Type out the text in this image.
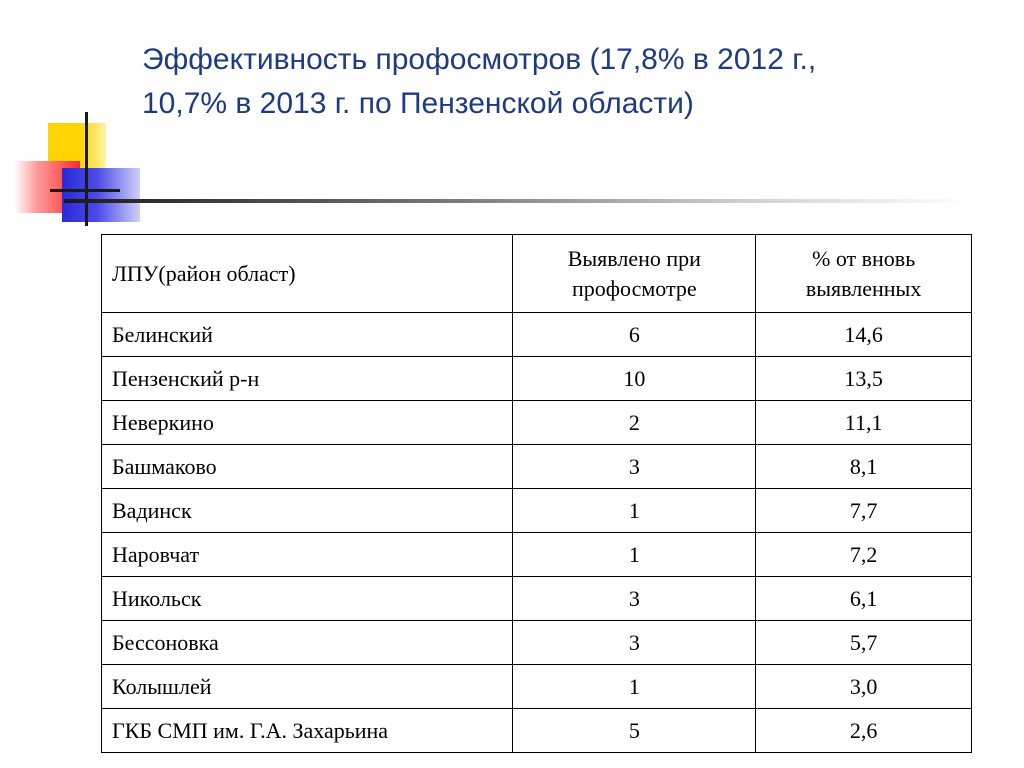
Эффективность профосмотров (17,8% в 2012 г.,
10,7% в 2013 г. по Пензенской области)
ЛПУ(район област)	Выявлено при профосмотре	% от вновь выявленных
Белинский	6	14,6
Пензенский р-н	10	13,5
Неверкино	2	11,1
Башмаково	3	8,1
Вадинск	1	7,7
Наровчат	1	7,2
Никольск	3	6,1
Бессоновка	3	5,7
Колышлей	1	3,0
ГКБ СМП им. Г.А. Захарьина	5	2,6
